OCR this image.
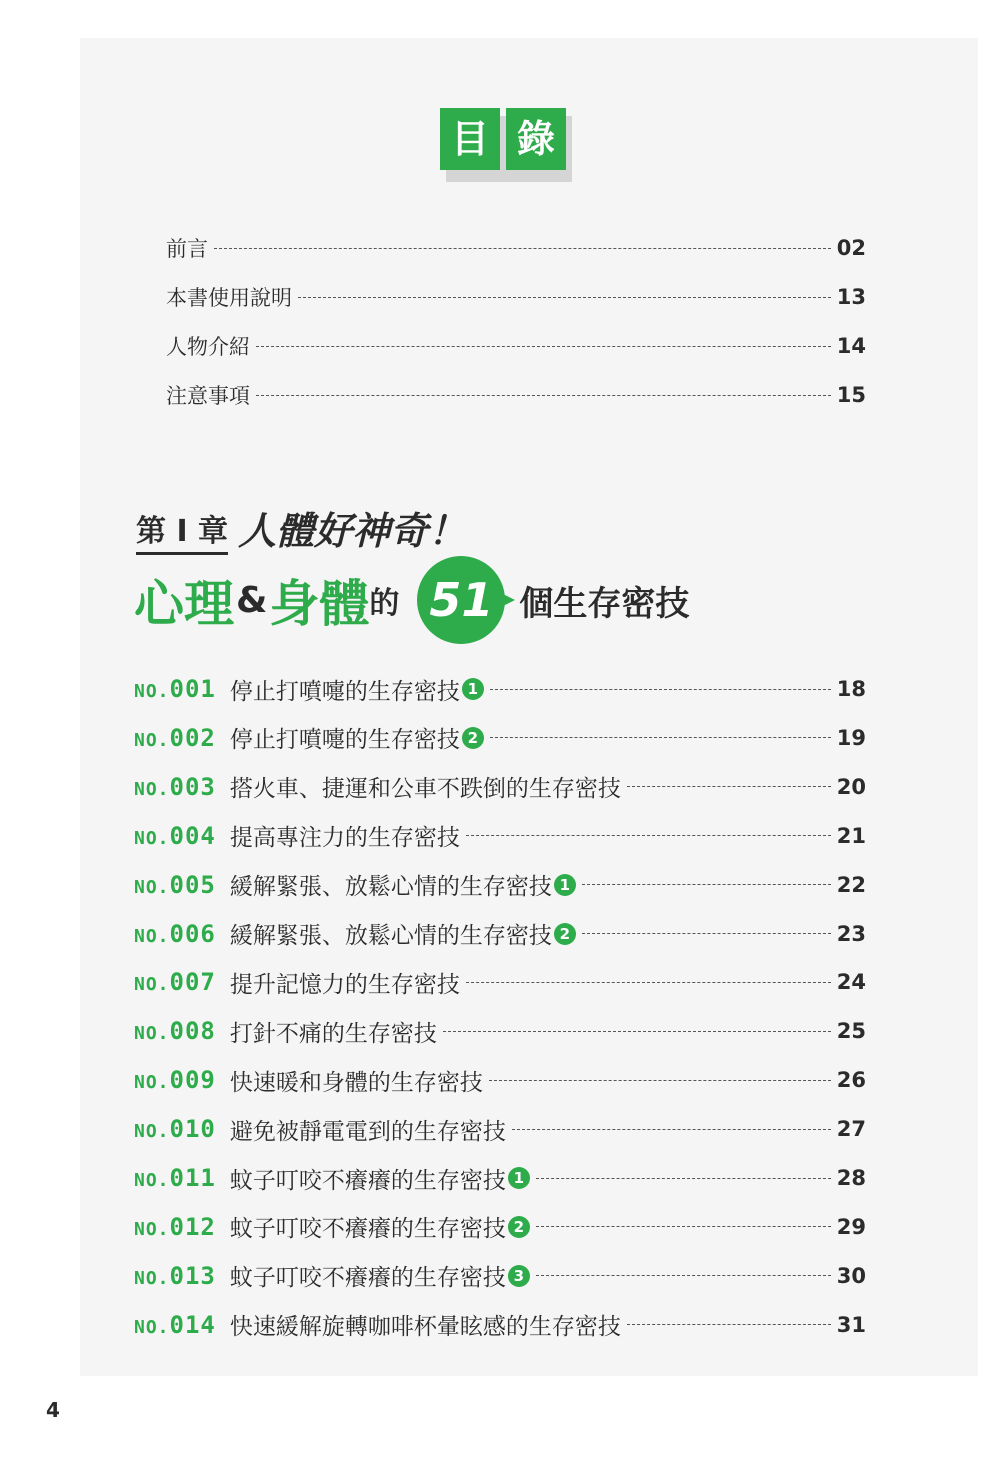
目 錄
前言	02
本書使用說明	13
人物介紹	14
注意事項	15
第 I 章 人體好神奇！
心理 & 身體 的 51 個生存密技
NO.001 停止打噴嚏的生存密技 1	18
NO.002 停止打噴嚏的生存密技 2	19
NO.003 搭火車、捷運和公車不跌倒的生存密技	20
NO.004 提高專注力的生存密技	21
NO.005 緩解緊張、放鬆心情的生存密技 1	22
NO.006 緩解緊張、放鬆心情的生存密技 2	23
NO.007 提升記憶力的生存密技	24
NO.008 打針不痛的生存密技	25
NO.009 快速暖和身體的生存密技	26
NO.010 避免被靜電電到的生存密技	27
NO.011 蚊子叮咬不癢癢的生存密技 1	28
NO.012 蚊子叮咬不癢癢的生存密技 2	29
NO.013 蚊子叮咬不癢癢的生存密技 3	30
NO.014 快速緩解旋轉咖啡杯暈眩感的生存密技	31
4
